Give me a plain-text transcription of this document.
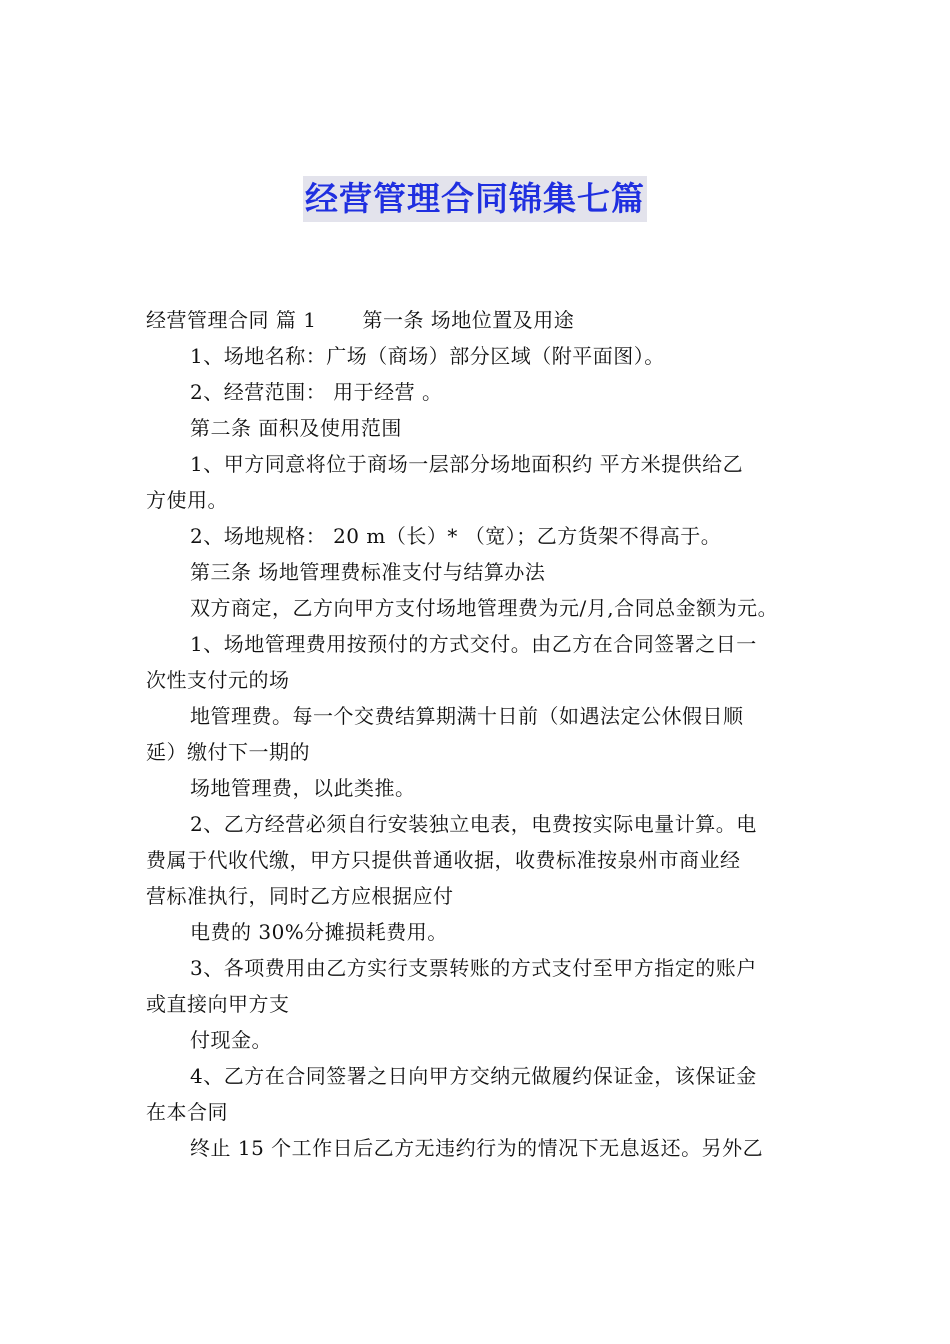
经营管理合同锦集七篇
经营管理合同 篇 1 第一条 场地位置及用途
1、场地名称：广场（商场）部分区域（附平面图）。
2、经营范围： 用于经营 。
第二条 面积及使用范围
1、甲方同意将位于商场一层部分场地面积约 平方米提供给乙
方使用。
2、场地规格： 20 m（长）* （宽）；乙方货架不得高于。
第三条 场地管理费标准支付与结算办法
双方商定，乙方向甲方支付场地管理费为元/月,合同总金额为元。
1、场地管理费用按预付的方式交付。由乙方在合同签署之日一
次性支付元的场
地管理费。每一个交费结算期满十日前（如遇法定公休假日顺
延）缴付下一期的
场地管理费，以此类推。
2、乙方经营必须自行安装独立电表，电费按实际电量计算。电
费属于代收代缴，甲方只提供普通收据，收费标准按泉州市商业经
营标准执行，同时乙方应根据应付
电费的 30%分摊损耗费用。
3、各项费用由乙方实行支票转账的方式支付至甲方指定的账户
或直接向甲方支
付现金。
4、乙方在合同签署之日向甲方交纳元做履约保证金，该保证金
在本合同
终止 15 个工作日后乙方无违约行为的情况下无息返还。另外乙
